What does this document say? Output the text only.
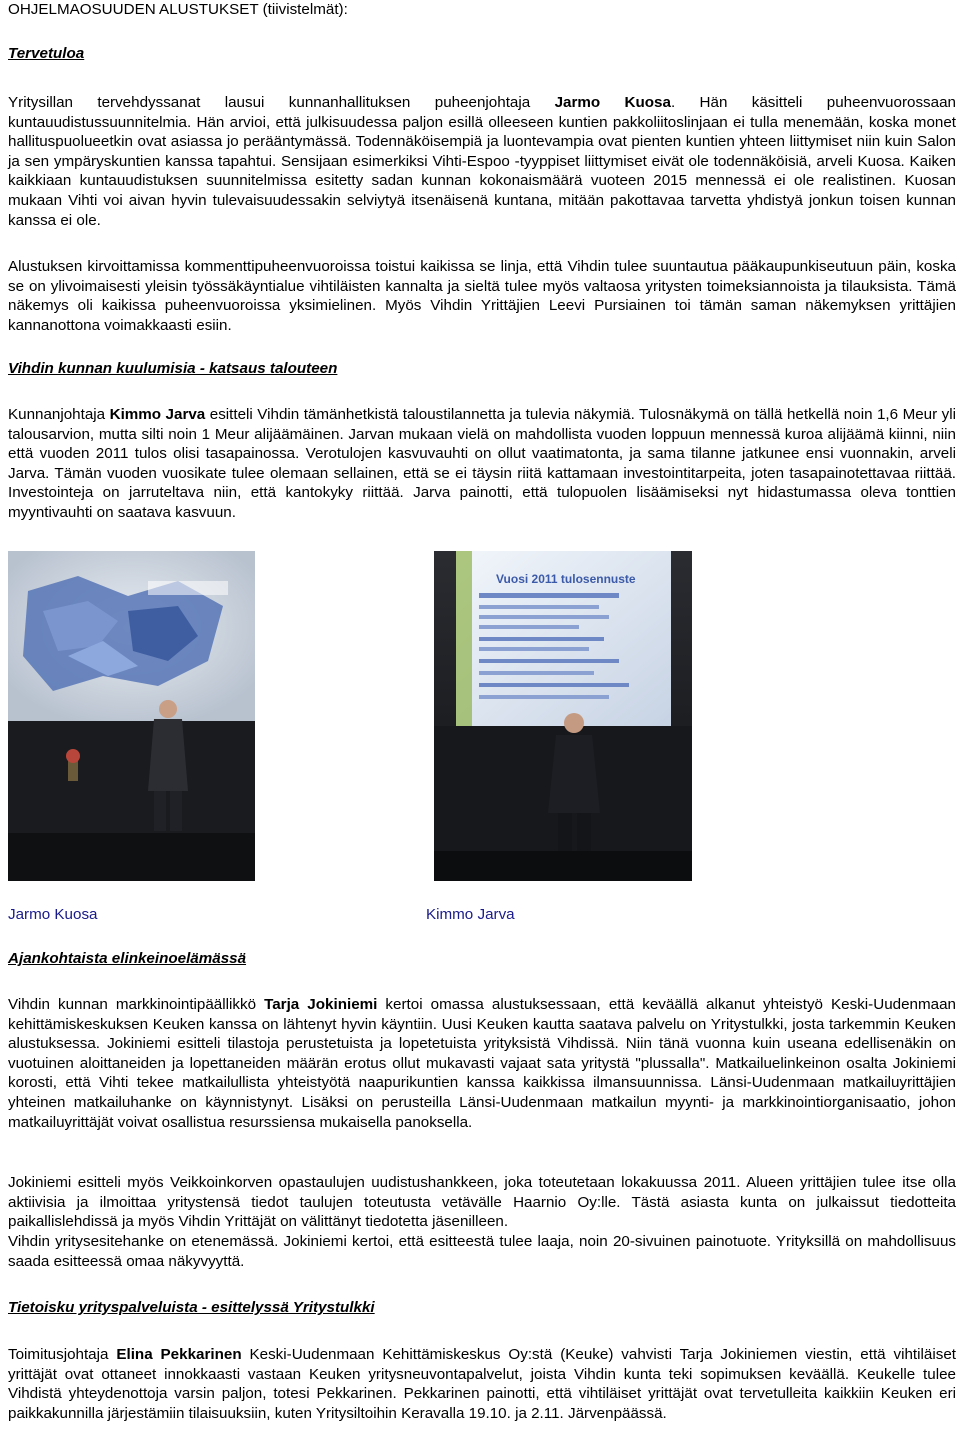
OHJELMAOSUUDEN ALUSTUKSET (tiivistelmät):
Tervetuloa

Yritysillan tervehdyssanat lausui kunnanhallituksen puheenjohtaja Jarmo Kuosa. Hän käsitteli puheenvuorossaan kuntauudistussuunnitelmia. Hän arvioi, että julkisuudessa paljon esillä olleeseen kuntien pakkoliitoslinjaan ei tulla menemään, koska monet hallituspuolueetkin ovat asiassa jo perääntymässä. Todennäköisempiä ja luontevampia ovat pienten kuntien yhteen liittymiset niin kuin Salon ja sen ympäryskuntien kanssa tapahtui. Sensijaan esimerkiksi Vihti-Espoo -tyyppiset liittymiset eivät ole todennäköisiä, arveli Kuosa. Kaiken kaikkiaan kuntauudistuksen suunnitelmissa esitetty sadan kunnan kokonaismäärä vuoteen 2015 mennessä ei ole realistinen. Kuosan mukaan Vihti voi aivan hyvin tulevaisuudessakin selviytyä itsenäisenä kuntana, mitään pakottavaa tarvetta yhdistyä jonkun toisen kunnan kanssa ei ole.

Alustuksen kirvoittamissa kommenttipuheenvuoroissa toistui kaikissa se linja, että Vihdin tulee suuntautua pääkaupunkiseutuun päin, koska se on ylivoimaisesti yleisin työssäkäyntialue vihtiläisten kannalta ja sieltä tulee myös valtaosa yritysten toimeksiannoista ja tilauksista. Tämä näkemys oli kaikissa puheenvuoroissa yksimielinen. Myös Vihdin Yrittäjien Leevi Pursiainen toi tämän saman näkemyksen yrittäjien kannanottona voimakkaasti esiin.

Vihdin kunnan kuulumisia - katsaus talouteen

Kunnanjohtaja Kimmo Jarva esitteli Vihdin tämänhetkistä taloustilannetta ja tulevia näkymiä. Tulosnäkymä on tällä hetkellä noin 1,6 Meur yli talousarvion, mutta silti noin 1 Meur alijäämäinen. Jarvan mukaan vielä on mahdollista vuoden loppuun mennessä kuroa alijäämä kiinni, niin että vuoden 2011 tulos olisi tasapainossa. Verotulojen kasvuvauhti on ollut vaatimatonta, ja sama tilanne jatkunee ensi vuonnakin, arveli Jarva. Tämän vuoden vuosikate tulee olemaan sellainen, että se ei täysin riitä kattamaan investointitarpeita, joten tasapainotettavaa riittää. Investointeja on jarruteltava niin, että kantokyky riittää. Jarva painotti, että tulopuolen lisäämiseksi nyt hidastumassa oleva tonttien myyntivauhti on saatava kasvuun.

Vuosi 2011 tulosennuste
Jarmo Kuosa	Kimmo Jarva
Ajankohtaista elinkeinoelämässä

Vihdin kunnan markkinointipäällikkö Tarja Jokiniemi kertoi omassa alustuksessaan, että keväällä alkanut yhteistyö Keski-Uudenmaan kehittämiskeskuksen Keuken kanssa on lähtenyt hyvin käyntiin. Uusi Keuken kautta saatava palvelu on Yritystulkki, josta tarkemmin Keuken alustuksessa. Jokiniemi esitteli tilastoja perustetuista ja lopetetuista yrityksistä Vihdissä. Niin tänä vuonna kuin useana edellisenäkin on vuotuinen aloittaneiden ja lopettaneiden määrän erotus ollut mukavasti vajaat sata yritystä "plussalla". Matkailuelinkeinon osalta Jokiniemi korosti, että Vihti tekee matkailullista yhteistyötä naapurikuntien kanssa kaikkissa ilmansuunnissa. Länsi-Uudenmaan matkailuyrittäjien yhteinen matkailuhanke on käynnistynyt. Lisäksi on perusteilla Länsi-Uudenmaan matkailun myynti- ja markkinointiorganisaatio, johon matkailuyrittäjät voivat osallistua resurssiensa mukaisella panoksella.

Jokiniemi esitteli myös Veikkoinkorven opastaulujen uudistushankkeen, joka toteutetaan lokakuussa 2011. Alueen yrittäjien tulee itse olla aktiivisia ja ilmoittaa yritystensä tiedot taulujen toteutusta vetävälle Haarnio Oy:lle. Tästä asiasta kunta on julkaissut tiedotteita paikallislehdissä ja myös Vihdin Yrittäjät on välittänyt tiedotetta jäsenilleen.

Vihdin yritysesitehanke on etenemässä. Jokiniemi kertoi, että esitteestä tulee laaja, noin 20-sivuinen painotuote. Yrityksillä on mahdollisuus saada esitteessä omaa näkyvyyttä.

Tietoisku yrityspalveluista - esittelyssä Yritystulkki

Toimitusjohtaja Elina Pekkarinen Keski-Uudenmaan Kehittämiskeskus Oy:stä (Keuke) vahvisti Tarja Jokiniemen viestin, että vihtiläiset yrittäjät ovat ottaneet innokkaasti vastaan Keuken yritysneuvontapalvelut, joista Vihdin kunta teki sopimuksen keväällä. Keukelle tulee Vihdistä yhteydenottoja varsin paljon, totesi Pekkarinen. Pekkarinen painotti, että vihtiläiset yrittäjät ovat tervetulleita kaikkiin Keuken eri paikkakunnilla järjestämiin tilaisuuksiin, kuten Yritysiltoihin Keravalla 19.10. ja 2.11. Järvenpäässä.
